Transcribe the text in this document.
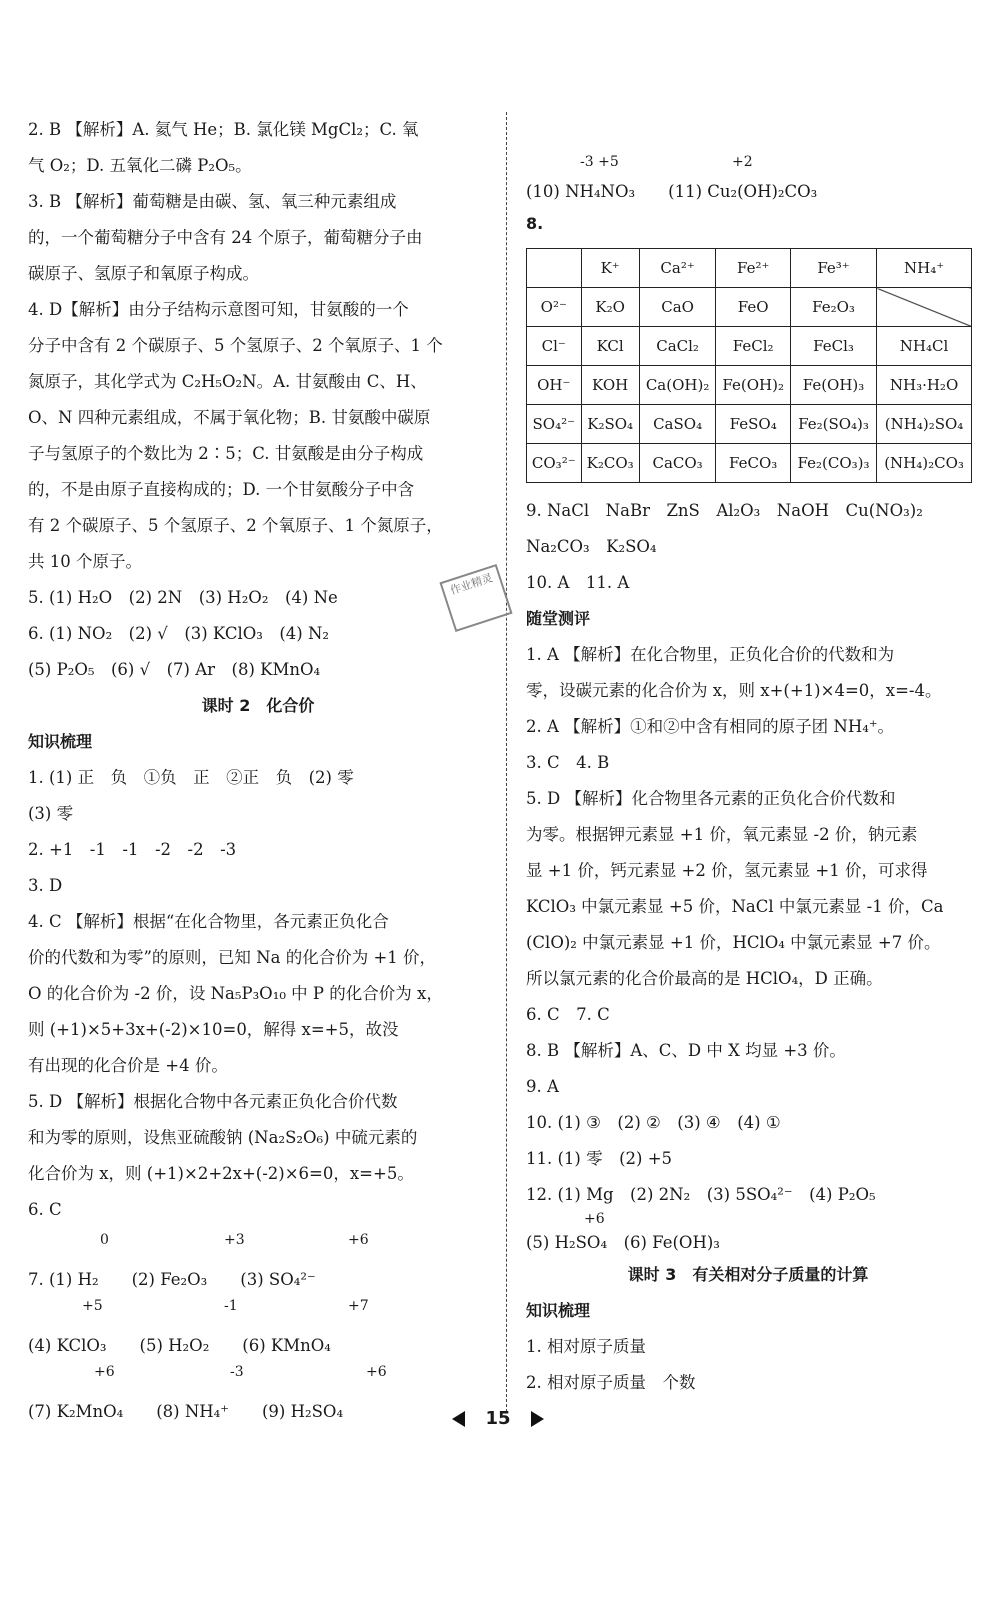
2. B 【解析】A. 氦气 He；B. 氯化镁 MgCl₂；C. 氧
气 O₂；D. 五氧化二磷 P₂O₅。
3. B 【解析】葡萄糖是由碳、氢、氧三种元素组成
的，一个葡萄糖分子中含有 24 个原子，葡萄糖分子由
碳原子、氢原子和氧原子构成。
4. D【解析】由分子结构示意图可知，甘氨酸的一个
分子中含有 2 个碳原子、5 个氢原子、2 个氧原子、1 个
氮原子，其化学式为 C₂H₅O₂N。A. 甘氨酸由 C、H、
O、N 四种元素组成，不属于氧化物；B. 甘氨酸中碳原
子与氢原子的个数比为 2∶5；C. 甘氨酸是由分子构成
的，不是由原子直接构成的；D. 一个甘氨酸分子中含
有 2 个碳原子、5 个氢原子、2 个氧原子、1 个氮原子，
共 10 个原子。
5. (1) H₂O　(2) 2N　(3) H₂O₂　(4) Ne
6. (1) NO₂　(2) √　(3) KClO₃　(4) N₂
(5) P₂O₅　(6) √　(7) Ar　(8) KMnO₄
课时 2　化合价
知识梳理
1. (1) 正　负　①负　正　②正　负　(2) 零
(3) 零
2. +1　-1　-1　-2　-2　-3
3. D
4. C 【解析】根据“在化合物里，各元素正负化合
价的代数和为零”的原则，已知 Na 的化合价为 +1 价，
O 的化合价为 -2 价，设 Na₅P₃O₁₀ 中 P 的化合价为 x，
则 (+1)×5+3x+(-2)×10=0，解得 x=+5，故没
有出现的化合价是 +4 价。
5. D 【解析】根据化合物中各元素正负化合价代数
和为零的原则，设焦亚硫酸钠 (Na₂S₂O₆) 中硫元素的
化合价为 x，则 (+1)×2+2x+(-2)×6=0，x=+5。
6. C
0	+3	+6
7. (1) H₂　　(2) Fe₂O₃　　(3) SO₄²⁻
+5	-1	+7
(4) KClO₃　　(5) H₂O₂　　(6) KMnO₄
+6	-3	+6
(7) K₂MnO₄　　(8) NH₄⁺　　(9) H₂SO₄
-3 +5	+2
(10) NH₄NO₃　　(11) Cu₂(OH)₂CO₃
8.
	K⁺	Ca²⁺	Fe²⁺	Fe³⁺	NH₄⁺
O²⁻	K₂O	CaO	FeO	Fe₂O₃	
Cl⁻	KCl	CaCl₂	FeCl₂	FeCl₃	NH₄Cl
OH⁻	KOH	Ca(OH)₂	Fe(OH)₂	Fe(OH)₃	NH₃·H₂O
SO₄²⁻	K₂SO₄	CaSO₄	FeSO₄	Fe₂(SO₄)₃	(NH₄)₂SO₄
CO₃²⁻	K₂CO₃	CaCO₃	FeCO₃	Fe₂(CO₃)₃	(NH₄)₂CO₃
9. NaCl　NaBr　ZnS　Al₂O₃　NaOH　Cu(NO₃)₂
Na₂CO₃　K₂SO₄
10. A　11. A
随堂测评
1. A 【解析】在化合物里，正负化合价的代数和为
零，设碳元素的化合价为 x，则 x+(+1)×4=0，x=-4。
2. A 【解析】①和②中含有相同的原子团 NH₄⁺。
3. C　4. B
5. D 【解析】化合物里各元素的正负化合价代数和
为零。根据钾元素显 +1 价，氧元素显 -2 价，钠元素
显 +1 价，钙元素显 +2 价，氢元素显 +1 价，可求得
KClO₃ 中氯元素显 +5 价，NaCl 中氯元素显 -1 价，Ca
(ClO)₂ 中氯元素显 +1 价，HClO₄ 中氯元素显 +7 价。
所以氯元素的化合价最高的是 HClO₄，D 正确。
6. C　7. C
8. B 【解析】A、C、D 中 X 均显 +3 价。
9. A
10. (1) ③　(2) ②　(3) ④　(4) ①
11. (1) 零　(2) +5
12. (1) Mg　(2) 2N₂　(3) 5SO₄²⁻　(4) P₂O₅
+6
(5) H₂SO₄　(6) Fe(OH)₃
课时 3　有关相对分子质量的计算
知识梳理
1. 相对原子质量
2. 相对原子质量　个数
作业精灵
15
